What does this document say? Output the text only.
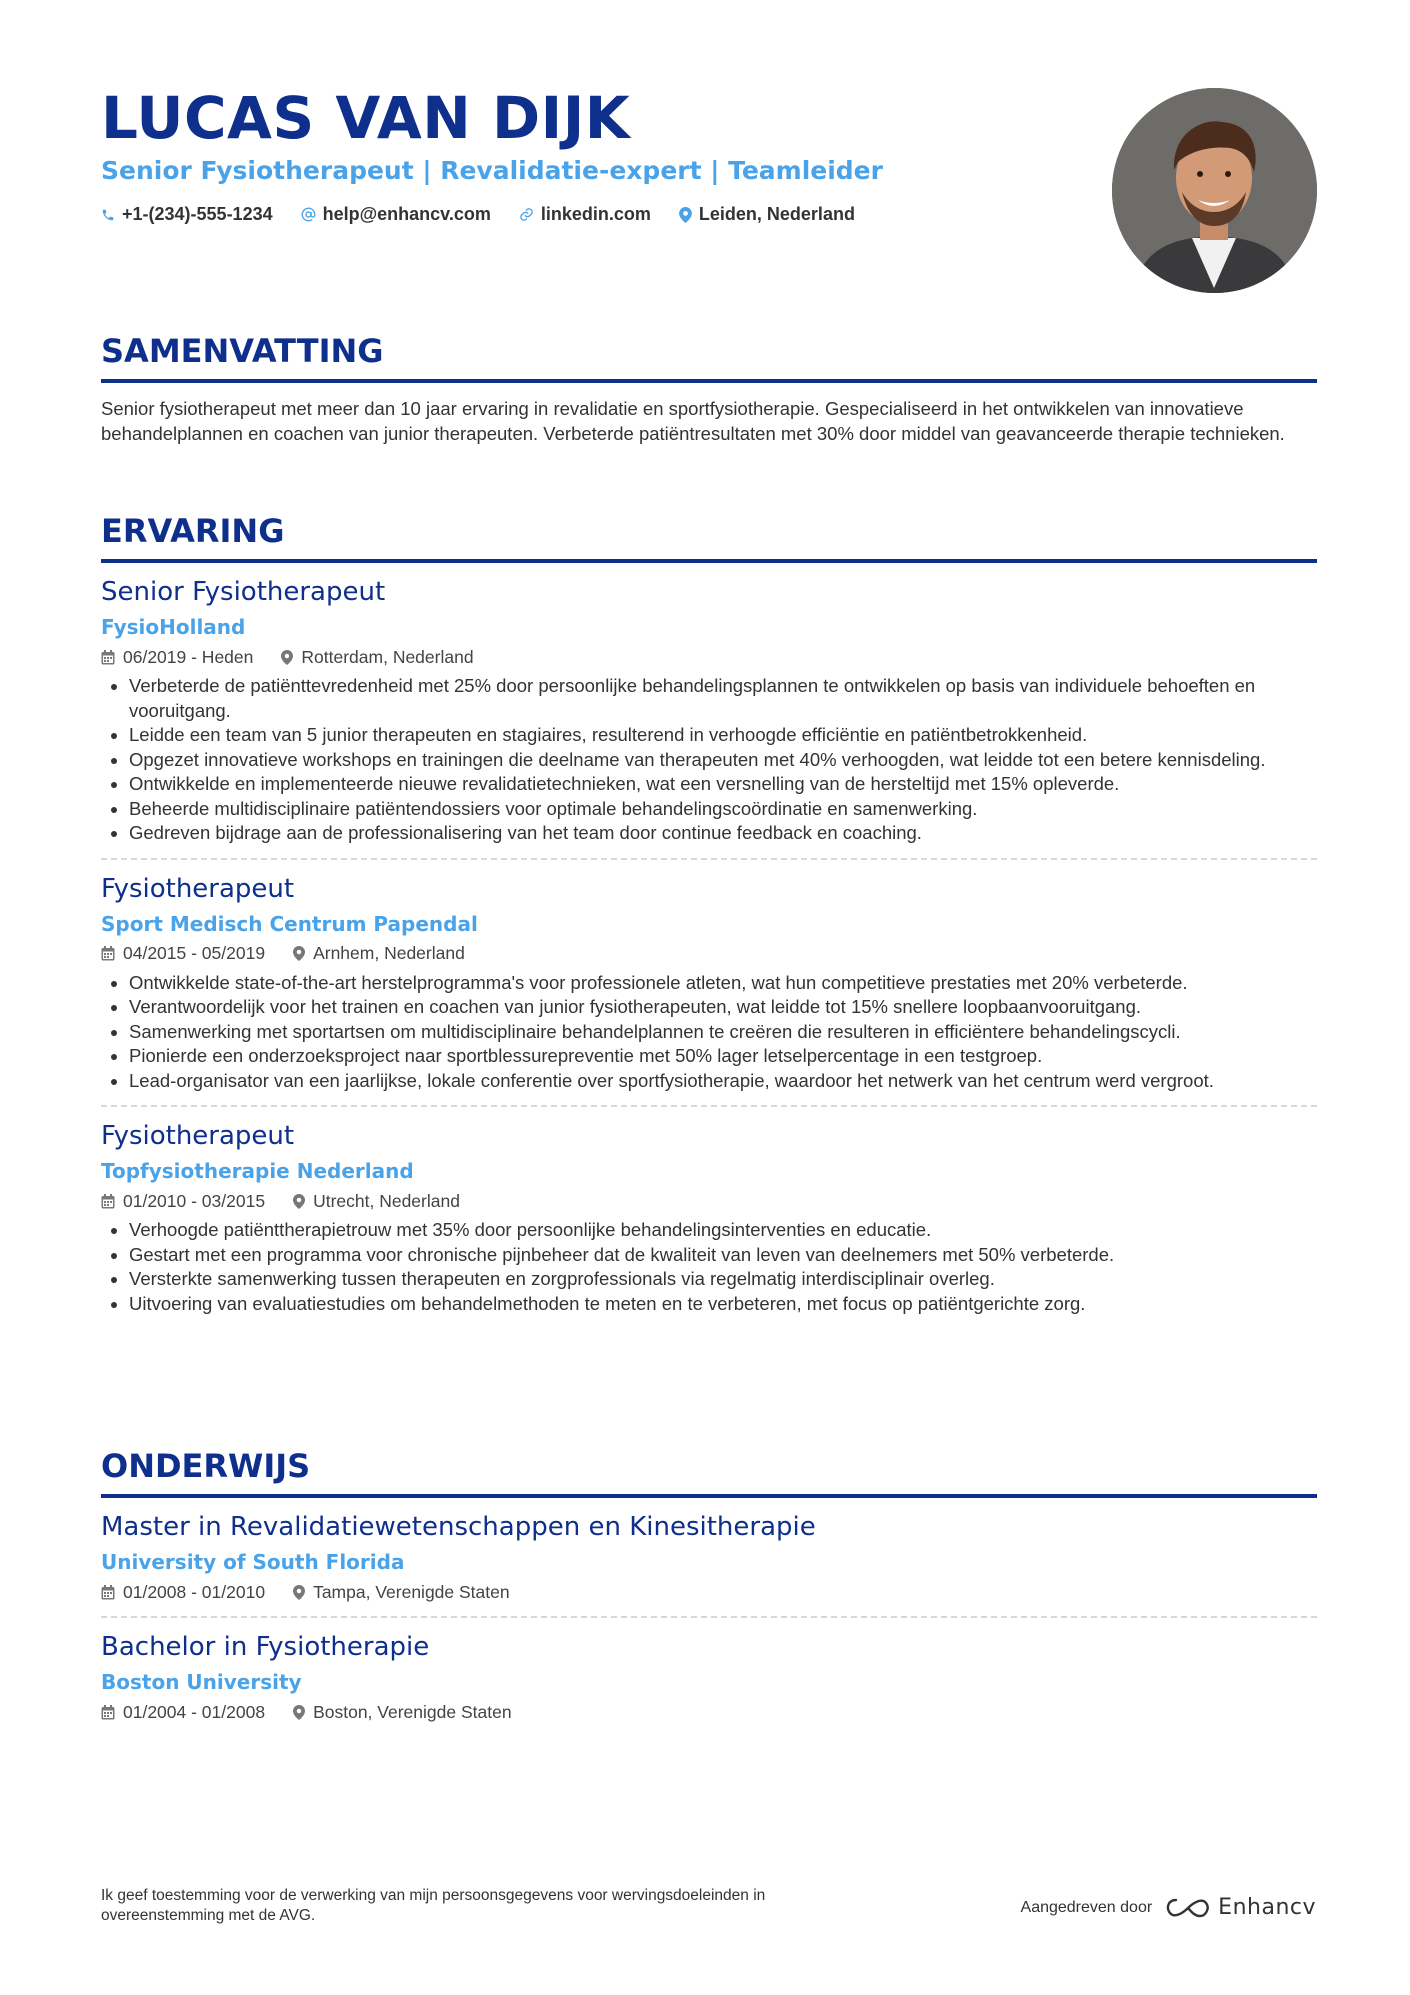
LUCAS VAN DIJK
Senior Fysiotherapeut | Revalidatie-expert | Teamleider
+1-(234)-555-1234	help@enhancv.com	linkedin.com	Leiden, Nederland
SAMENVATTING
Senior fysiotherapeut met meer dan 10 jaar ervaring in revalidatie en sportfysiotherapie. Gespecialiseerd in het ontwikkelen van innovatieve behandelplannen en coachen van junior therapeuten. Verbeterde patiëntresultaten met 30% door middel van geavanceerde therapie technieken.
ERVARING
Senior Fysiotherapeut
FysioHolland
06/2019 - Heden	Rotterdam, Nederland
• Verbeterde de patiënttevredenheid met 25% door persoonlijke behandelingsplannen te ontwikkelen op basis van individuele behoeften en vooruitgang.
• Leidde een team van 5 junior therapeuten en stagiaires, resulterend in verhoogde efficiëntie en patiëntbetrokkenheid.
• Opgezet innovatieve workshops en trainingen die deelname van therapeuten met 40% verhoogden, wat leidde tot een betere kennisdeling.
• Ontwikkelde en implementeerde nieuwe revalidatietechnieken, wat een versnelling van de hersteltijd met 15% opleverde.
• Beheerde multidisciplinaire patiëntendossiers voor optimale behandelingscoördinatie en samenwerking.
• Gedreven bijdrage aan de professionalisering van het team door continue feedback en coaching.
Fysiotherapeut
Sport Medisch Centrum Papendal
04/2015 - 05/2019	Arnhem, Nederland
• Ontwikkelde state-of-the-art herstelprogramma's voor professionele atleten, wat hun competitieve prestaties met 20% verbeterde.
• Verantwoordelijk voor het trainen en coachen van junior fysiotherapeuten, wat leidde tot 15% snellere loopbaanvooruitgang.
• Samenwerking met sportartsen om multidisciplinaire behandelplannen te creëren die resulteren in efficiëntere behandelingscycli.
• Pionierde een onderzoeksproject naar sportblessurepreventie met 50% lager letselpercentage in een testgroep.
• Lead-organisator van een jaarlijkse, lokale conferentie over sportfysiotherapie, waardoor het netwerk van het centrum werd vergroot.
Fysiotherapeut
Topfysiotherapie Nederland
01/2010 - 03/2015	Utrecht, Nederland
• Verhoogde patiënttherapietrouw met 35% door persoonlijke behandelingsinterventies en educatie.
• Gestart met een programma voor chronische pijnbeheer dat de kwaliteit van leven van deelnemers met 50% verbeterde.
• Versterkte samenwerking tussen therapeuten en zorgprofessionals via regelmatig interdisciplinair overleg.
• Uitvoering van evaluatiestudies om behandelmethoden te meten en te verbeteren, met focus op patiëntgerichte zorg.
ONDERWIJS
Master in Revalidatiewetenschappen en Kinesitherapie
University of South Florida
01/2008 - 01/2010	Tampa, Verenigde Staten
Bachelor in Fysiotherapie
Boston University
01/2004 - 01/2008	Boston, Verenigde Staten
Ik geef toestemming voor de verwerking van mijn persoonsgegevens voor wervingsdoeleinden in overeenstemming met de AVG.	Aangedreven door	Enhancv
